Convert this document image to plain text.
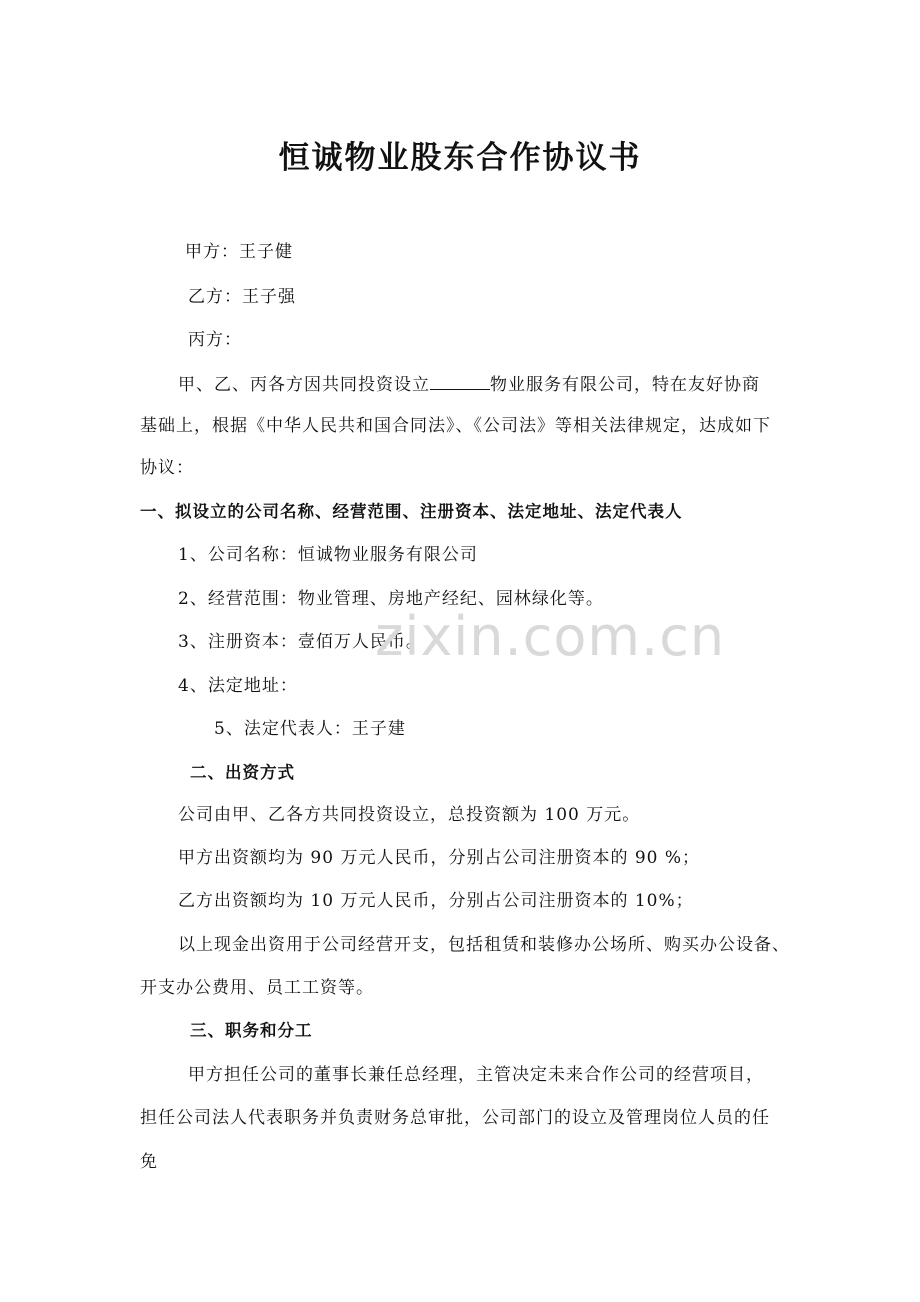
恒诚物业股东合作协议书
甲方：王子健
乙方：王子强
丙方：
甲、乙、丙各方因共同投资设立	物业服务有限公司，特在友好协商
基础上，根据《中华人民共和国合同法》、《公司法》等相关法律规定，达成如下
协议：
一、拟设立的公司名称、经营范围、注册资本、法定地址、法定代表人
1、公司名称：恒诚物业服务有限公司
2、经营范围：物业管理、房地产经纪、园林绿化等。
3、注册资本：壹佰万人民币。
4、法定地址：
5、法定代表人：王子建
二、出资方式
公司由甲、乙各方共同投资设立，总投资额为 100 万元。
甲方出资额均为 90 万元人民币，分别占公司注册资本的 90 %；
乙方出资额均为 10 万元人民币，分别占公司注册资本的 10%；
以上现金出资用于公司经营开支，包括租赁和装修办公场所、购买办公设备、
开支办公费用、员工工资等。
三、职务和分工
甲方担任公司的董事长兼任总经理，主管决定未来合作公司的经营项目，
担任公司法人代表职务并负责财务总审批，公司部门的设立及管理岗位人员的任
免
zixin.com.cn
